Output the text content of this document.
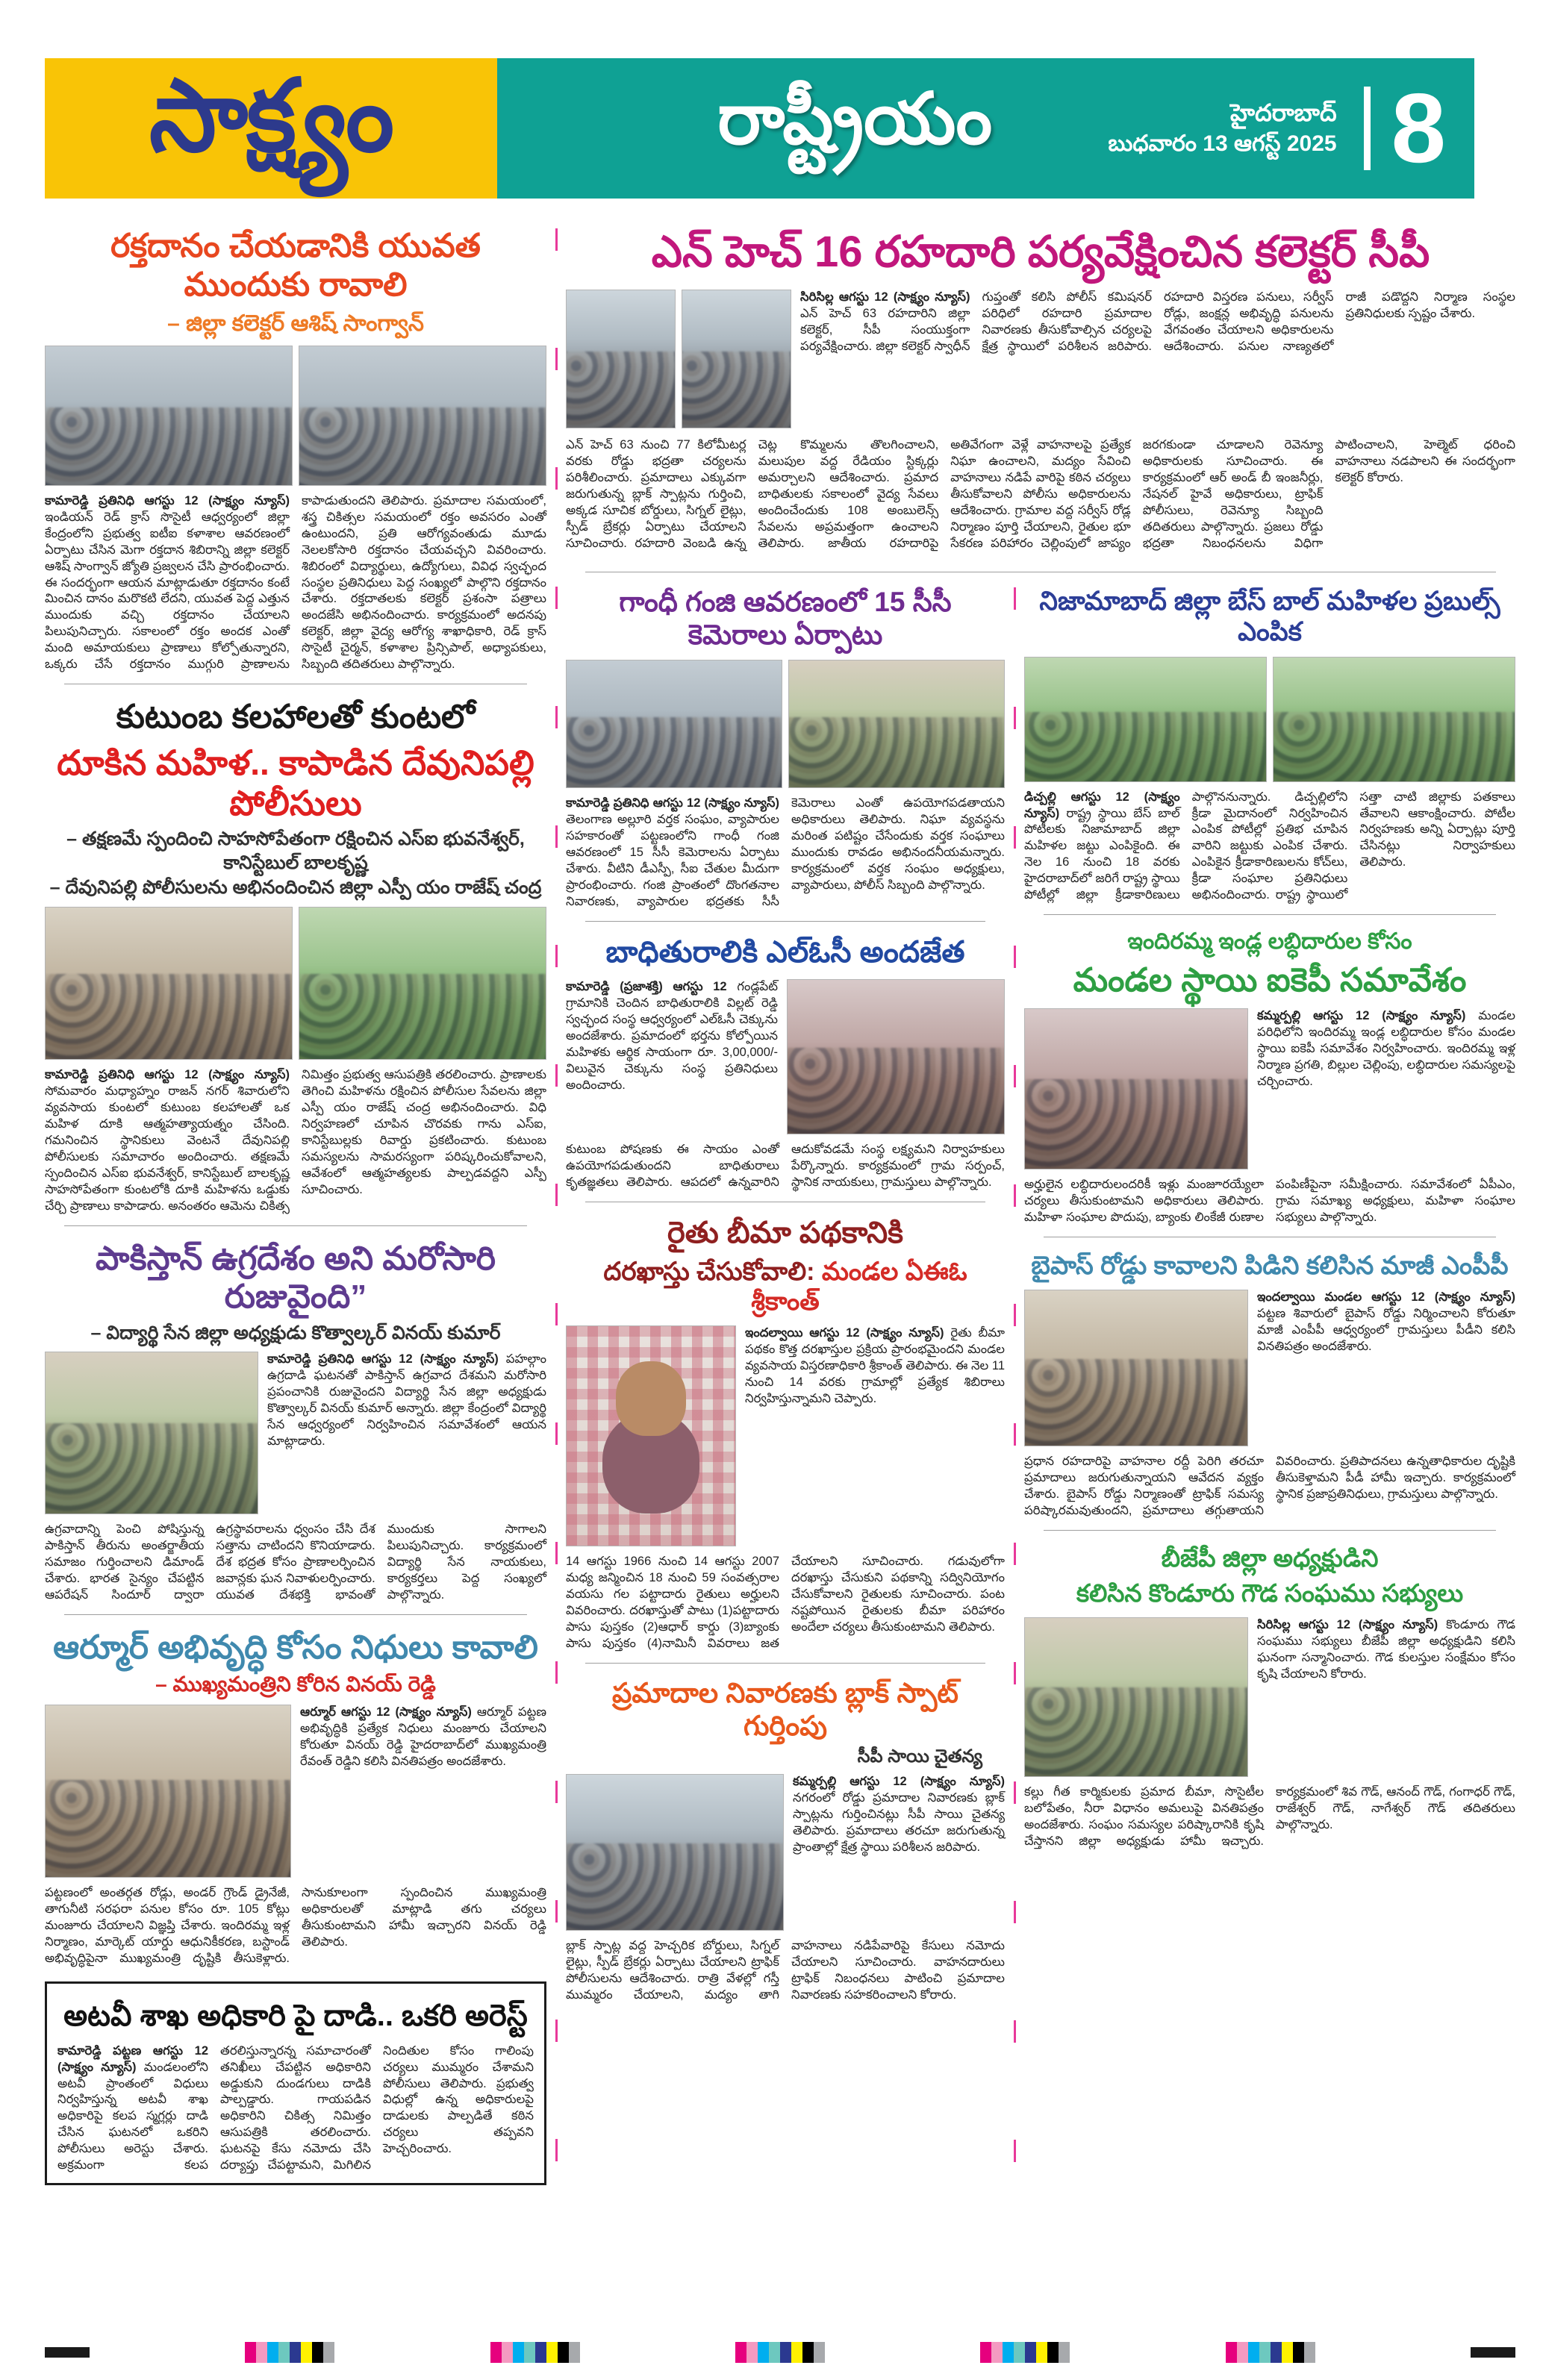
సాక్ష్యం	రాష్ట్రీయం	హైదరాబాద్
బుధవారం 13 ఆగస్ట్ 2025 8
రక్తదానం చేయడానికి యువత ముందుకు రావాలి
– జిల్లా కలెక్టర్ ఆశిష్ సాంగ్వాన్
కామారెడ్డి ప్రతినిధి ఆగస్టు 12 (సాక్ష్యం న్యూస్) ఇండియన్ రెడ్ క్రాస్ సొసైటీ ఆధ్వర్యంలో జిల్లా కేంద్రంలోని ప్రభుత్వ ఐటీఐ కళాశాల ఆవరణంలో ఏర్పాటు చేసిన మెగా రక్తదాన శిబిరాన్ని జిల్లా కలెక్టర్ ఆశిష్ సాంగ్వాన్ జ్యోతి ప్రజ్వలన చేసి ప్రారంభించారు. ఈ సందర్భంగా ఆయన మాట్లాడుతూ రక్తదానం కంటే మించిన దానం మరొకటి లేదని, యువత పెద్ద ఎత్తున ముందుకు వచ్చి రక్తదానం చేయాలని పిలుపునిచ్చారు. సకాలంలో రక్తం అందక ఎంతో మంది అమాయకులు ప్రాణాలు కోల్పోతున్నారని, ఒక్కరు చేసే రక్తదానం ముగ్గురి ప్రాణాలను కాపాడుతుందని తెలిపారు. ప్రమాదాల సమయంలో, శస్త్ర చికిత్సల సమయంలో రక్తం అవసరం ఎంతో ఉంటుందని, ప్రతి ఆరోగ్యవంతుడు మూడు నెలలకోసారి రక్తదానం చేయవచ్చని వివరించారు. శిబిరంలో విద్యార్థులు, ఉద్యోగులు, వివిధ స్వచ్ఛంద సంస్థల ప్రతినిధులు పెద్ద సంఖ్యలో పాల్గొని రక్తదానం చేశారు. రక్తదాతలకు కలెక్టర్ ప్రశంసా పత్రాలు అందజేసి అభినందించారు. కార్యక్రమంలో అదనపు కలెక్టర్, జిల్లా వైద్య ఆరోగ్య శాఖాధికారి, రెడ్ క్రాస్ సొసైటీ చైర్మన్, కళాశాల ప్రిన్సిపాల్, అధ్యాపకులు, సిబ్బంది తదితరులు పాల్గొన్నారు.
కుటుంబ కలహాలతో కుంటలో
దూకిన మహిళ.. కాపాడిన దేవునిపల్లి పోలీసులు
– తక్షణమే స్పందించి సాహసోపేతంగా రక్షించిన ఎస్ఐ భువనేశ్వర్, కానిస్టేబుల్ బాలకృష్ణ
– దేవునిపల్లి పోలీసులను అభినందించిన జిల్లా ఎస్పీ యం రాజేష్ చంద్ర
కామారెడ్డి ప్రతినిధి ఆగస్టు 12 (సాక్ష్యం న్యూస్) సోమవారం మధ్యాహ్నం రాజన్ నగర్ శివారులోని వ్యవసాయ కుంటలో కుటుంబ కలహాలతో ఒక మహిళ దూకి ఆత్మహత్యాయత్నం చేసింది. గమనించిన స్థానికులు వెంటనే దేవునిపల్లి పోలీసులకు సమాచారం అందించారు. తక్షణమే స్పందించిన ఎస్ఐ భువనేశ్వర్, కానిస్టేబుల్ బాలకృష్ణ సాహసోపేతంగా కుంటలోకి దూకి మహిళను ఒడ్డుకు చేర్చి ప్రాణాలు కాపాడారు. అనంతరం ఆమెను చికిత్స నిమిత్తం ప్రభుత్వ ఆసుపత్రికి తరలించారు. ప్రాణాలకు తెగించి మహిళను రక్షించిన పోలీసుల సేవలను జిల్లా ఎస్పీ యం రాజేష్ చంద్ర అభినందించారు. విధి నిర్వహణలో చూపిన చొరవకు గాను ఎస్ఐ, కానిస్టేబుల్లకు రివార్డు ప్రకటించారు. కుటుంబ సమస్యలను సామరస్యంగా పరిష్కరించుకోవాలని, ఆవేశంలో ఆత్మహత్యలకు పాల్పడవద్దని ఎస్పీ సూచించారు.
పాకిస్తాన్ ఉగ్రదేశం అని మరోసారి రుజువైంది”
– విద్యార్థి సేన జిల్లా అధ్యక్షుడు కొత్వాల్కర్ వినయ్ కుమార్
కామారెడ్డి ప్రతినిధి ఆగస్టు 12 (సాక్ష్యం న్యూస్) పహల్గాం ఉగ్రదాడి ఘటనతో పాకిస్తాన్ ఉగ్రవాద దేశమని మరోసారి ప్రపంచానికి రుజువైందని విద్యార్థి సేన జిల్లా అధ్యక్షుడు కొత్వాల్కర్ వినయ్ కుమార్ అన్నారు. జిల్లా కేంద్రంలో విద్యార్థి సేన ఆధ్వర్యంలో నిర్వహించిన సమావేశంలో ఆయన మాట్లాడారు.
ఉగ్రవాదాన్ని పెంచి పోషిస్తున్న పాకిస్తాన్ తీరును అంతర్జాతీయ సమాజం గుర్తించాలని డిమాండ్ చేశారు. భారత సైన్యం చేపట్టిన ఆపరేషన్ సిందూర్ ద్వారా ఉగ్రస్థావరాలను ధ్వంసం చేసి దేశ సత్తాను చాటిందని కొనియాడారు. దేశ భద్రత కోసం ప్రాణాలర్పించిన జవాన్లకు ఘన నివాళులర్పించారు. యువత దేశభక్తి భావంతో ముందుకు సాగాలని పిలుపునిచ్చారు. కార్యక్రమంలో విద్యార్థి సేన నాయకులు, కార్యకర్తలు పెద్ద సంఖ్యలో పాల్గొన్నారు.
ఆర్మూర్ అభివృద్ధి కోసం నిధులు కావాలి
– ముఖ్యమంత్రిని కోరిన వినయ్ రెడ్డి
ఆర్మూర్ ఆగస్టు 12 (సాక్ష్యం న్యూస్) ఆర్మూర్ పట్టణ అభివృద్ధికి ప్రత్యేక నిధులు మంజూరు చేయాలని కోరుతూ వినయ్ రెడ్డి హైదరాబాద్‌లో ముఖ్యమంత్రి రేవంత్ రెడ్డిని కలిసి వినతిపత్రం అందజేశారు.
పట్టణంలో అంతర్గత రోడ్లు, అండర్ గ్రౌండ్ డ్రైనేజీ, తాగునీటి సరఫరా పనుల కోసం రూ. 105 కోట్లు మంజూరు చేయాలని విజ్ఞప్తి చేశారు. ఇందిరమ్మ ఇళ్ల నిర్మాణం, మార్కెట్ యార్డు ఆధునికీకరణ, బస్టాండ్ అభివృద్ధిపైనా ముఖ్యమంత్రి దృష్టికి తీసుకెళ్లారు. సానుకూలంగా స్పందించిన ముఖ్యమంత్రి అధికారులతో మాట్లాడి తగు చర్యలు తీసుకుంటామని హామీ ఇచ్చారని వినయ్ రెడ్డి తెలిపారు.
అటవీ శాఖ అధికారి పై దాడి.. ఒకరి అరెస్ట్
కామారెడ్డి పట్టణ ఆగస్టు 12 (సాక్ష్యం న్యూస్) మండలంలోని అటవీ ప్రాంతంలో విధులు నిర్వహిస్తున్న అటవీ శాఖ అధికారిపై కలప స్మగ్లర్లు దాడి చేసిన ఘటనలో ఒకరిని పోలీసులు అరెస్టు చేశారు. అక్రమంగా కలప తరలిస్తున్నారన్న సమాచారంతో తనిఖీలు చేపట్టిన అధికారిని అడ్డుకుని దుండగులు దాడికి పాల్పడ్డారు. గాయపడిన అధికారిని చికిత్స నిమిత్తం ఆసుపత్రికి తరలించారు. ఘటనపై కేసు నమోదు చేసి దర్యాప్తు చేపట్టామని, మిగిలిన నిందితుల కోసం గాలింపు చర్యలు ముమ్మరం చేశామని పోలీసులు తెలిపారు. ప్రభుత్వ విధుల్లో ఉన్న అధికారులపై దాడులకు పాల్పడితే కఠిన చర్యలు తప్పవని హెచ్చరించారు.
ఎన్ హెచ్ 16 రహదారి పర్యవేక్షించిన కలెక్టర్ సీపీ
సిరిసిల్ల ఆగస్టు 12 (సాక్ష్యం న్యూస్) ఎన్ హెచ్ 63 రహదారిని జిల్లా కలెక్టర్, సీపీ సంయుక్తంగా పర్యవేక్షించారు. జిల్లా కలెక్టర్ స్వాధీన్ గుప్తంతో కలిసి పోలీస్ కమిషనర్ పరిధిలో రహదారి ప్రమాదాల నివారణకు తీసుకోవాల్సిన చర్యలపై క్షేత్ర స్థాయిలో పరిశీలన జరిపారు. రహదారి విస్తరణ పనులు, సర్వీస్ రోడ్లు, జంక్షన్ల అభివృద్ధి పనులను వేగవంతం చేయాలని అధికారులను ఆదేశించారు. పనుల నాణ్యతలో రాజీ పడొద్దని నిర్మాణ సంస్థల ప్రతినిధులకు స్పష్టం చేశారు.
ఎన్ హెచ్ 63 నుంచి 77 కిలోమీటర్ల వరకు రోడ్డు భద్రతా చర్యలను పరిశీలించారు. ప్రమాదాలు ఎక్కువగా జరుగుతున్న బ్లాక్ స్పాట్లను గుర్తించి, అక్కడ సూచిక బోర్డులు, సిగ్నల్ లైట్లు, స్పీడ్ బ్రేకర్లు ఏర్పాటు చేయాలని సూచించారు. రహదారి వెంబడి ఉన్న చెట్ల కొమ్మలను తొలగించాలని, మలుపుల వద్ద రేడియం స్టిక్కర్లు అమర్చాలని ఆదేశించారు. ప్రమాద బాధితులకు సకాలంలో వైద్య సేవలు అందించేందుకు 108 అంబులెన్స్ సేవలను అప్రమత్తంగా ఉంచాలని తెలిపారు. జాతీయ రహదారిపై అతివేగంగా వెళ్లే వాహనాలపై ప్రత్యేక నిఘా ఉంచాలని, మద్యం సేవించి వాహనాలు నడిపే వారిపై కఠిన చర్యలు తీసుకోవాలని పోలీసు అధికారులను ఆదేశించారు. గ్రామాల వద్ద సర్వీస్ రోడ్ల నిర్మాణం పూర్తి చేయాలని, రైతుల భూ సేకరణ పరిహారం చెల్లింపులో జాప్యం జరగకుండా చూడాలని రెవెన్యూ అధికారులకు సూచించారు. ఈ కార్యక్రమంలో ఆర్ అండ్ బీ ఇంజనీర్లు, నేషనల్ హైవే అధికారులు, ట్రాఫిక్ పోలీసులు, రెవెన్యూ సిబ్బంది తదితరులు పాల్గొన్నారు. ప్రజలు రోడ్డు భద్రతా నిబంధనలను విధిగా పాటించాలని, హెల్మెట్ ధరించి వాహనాలు నడపాలని ఈ సందర్భంగా కలెక్టర్ కోరారు.
గాంధీ గంజి ఆవరణంలో 15 సీసీ కెమెరాలు ఏర్పాటు
కామారెడ్డి ప్రతినిధి ఆగస్టు 12 (సాక్ష్యం న్యూస్) తెలంగాణ అల్లూరి వర్తక సంఘం, వ్యాపారుల సహకారంతో పట్టణంలోని గాంధీ గంజి ఆవరణంలో 15 సీసీ కెమెరాలను ఏర్పాటు చేశారు. వీటిని డీఎస్పీ, సీఐ చేతుల మీదుగా ప్రారంభించారు. గంజి ప్రాంతంలో దొంగతనాల నివారణకు, వ్యాపారుల భద్రతకు సీసీ కెమెరాలు ఎంతో ఉపయోగపడతాయని అధికారులు తెలిపారు. నిఘా వ్యవస్థను మరింత పటిష్టం చేసేందుకు వర్తక సంఘాలు ముందుకు రావడం అభినందనీయమన్నారు. కార్యక్రమంలో వర్తక సంఘం అధ్యక్షులు, వ్యాపారులు, పోలీస్ సిబ్బంది పాల్గొన్నారు.
బాధితురాలికి ఎల్ఓసీ అందజేత
కామారెడ్డి (ప్రజాశక్తి) ఆగస్టు 12 గండ్లపేట్ గ్రామానికి చెందిన బాధితురాలికి విల్లట్ రెడ్డి స్వచ్ఛంద సంస్థ ఆధ్వర్యంలో ఎల్ఓసీ చెక్కును అందజేశారు. ప్రమాదంలో భర్తను కోల్పోయిన మహిళకు ఆర్థిక సాయంగా రూ. 3,00,000/- విలువైన చెక్కును సంస్థ ప్రతినిధులు అందించారు.
కుటుంబ పోషణకు ఈ సాయం ఎంతో ఉపయోగపడుతుందని బాధితురాలు కృతజ్ఞతలు తెలిపారు. ఆపదలో ఉన్నవారిని ఆదుకోవడమే సంస్థ లక్ష్యమని నిర్వాహకులు పేర్కొన్నారు. కార్యక్రమంలో గ్రామ సర్పంచ్, స్థానిక నాయకులు, గ్రామస్తులు పాల్గొన్నారు.
రైతు బీమా పథకానికి
దరఖాస్తు చేసుకోవాలి: మండల ఏఈఓ శ్రీకాంత్
ఇందల్వాయి ఆగస్టు 12 (సాక్ష్యం న్యూస్) రైతు బీమా పథకం కొత్త దరఖాస్తుల ప్రక్రియ ప్రారంభమైందని మండల వ్యవసాయ విస్తరణాధికారి శ్రీకాంత్ తెలిపారు. ఈ నెల 11 నుంచి 14 వరకు గ్రామాల్లో ప్రత్యేక శిబిరాలు నిర్వహిస్తున్నామని చెప్పారు.
14 ఆగస్టు 1966 నుంచి 14 ఆగస్టు 2007 మధ్య జన్మించిన 18 నుంచి 59 సంవత్సరాల వయసు గల పట్టాదారు రైతులు అర్హులని వివరించారు. దరఖాస్తుతో పాటు (1)పట్టాదారు పాసు పుస్తకం (2)ఆధార్ కార్డు (3)బ్యాంకు పాసు పుస్తకం (4)నామినీ వివరాలు జత చేయాలని సూచించారు. గడువులోగా దరఖాస్తు చేసుకుని పథకాన్ని సద్వినియోగం చేసుకోవాలని రైతులకు సూచించారు. పంట నష్టపోయిన రైతులకు బీమా పరిహారం అందేలా చర్యలు తీసుకుంటామని తెలిపారు.
ప్రమాదాల నివారణకు బ్లాక్ స్పాట్ గుర్తింపు
సీపీ సాయి చైతన్య
కమ్మర్పల్లి ఆగస్టు 12 (సాక్ష్యం న్యూస్) నగరంలో రోడ్డు ప్రమాదాల నివారణకు బ్లాక్ స్పాట్లను గుర్తించినట్లు సీపీ సాయి చైతన్య తెలిపారు. ప్రమాదాలు తరచూ జరుగుతున్న ప్రాంతాల్లో క్షేత్ర స్థాయి పరిశీలన జరిపారు.
బ్లాక్ స్పాట్ల వద్ద హెచ్చరిక బోర్డులు, సిగ్నల్ లైట్లు, స్పీడ్ బ్రేకర్లు ఏర్పాటు చేయాలని ట్రాఫిక్ పోలీసులను ఆదేశించారు. రాత్రి వేళల్లో గస్తీ ముమ్మరం చేయాలని, మద్యం తాగి వాహనాలు నడిపేవారిపై కేసులు నమోదు చేయాలని సూచించారు. వాహనదారులు ట్రాఫిక్ నిబంధనలు పాటించి ప్రమాదాల నివారణకు సహకరించాలని కోరారు.
నిజామాబాద్ జిల్లా బేస్ బాల్ మహిళల ప్రబుల్స్ ఎంపిక
డిచ్పల్లి ఆగస్టు 12 (సాక్ష్యం న్యూస్) రాష్ట్ర స్థాయి బేస్ బాల్ పోటీలకు నిజామాబాద్ జిల్లా మహిళల జట్టు ఎంపికైంది. ఈ నెల 16 నుంచి 18 వరకు హైదరాబాద్‌లో జరిగే రాష్ట్ర స్థాయి పోటీల్లో జిల్లా క్రీడాకారిణులు పాల్గొననున్నారు. డిచ్పల్లిలోని క్రీడా మైదానంలో నిర్వహించిన ఎంపిక పోటీల్లో ప్రతిభ చూపిన వారిని జట్టుకు ఎంపిక చేశారు. ఎంపికైన క్రీడాకారిణులను కోచ్‌లు, క్రీడా సంఘాల ప్రతినిధులు అభినందించారు. రాష్ట్ర స్థాయిలో సత్తా చాటి జిల్లాకు పతకాలు తేవాలని ఆకాంక్షించారు. పోటీల నిర్వహణకు అన్ని ఏర్పాట్లు పూర్తి చేసినట్లు నిర్వాహకులు తెలిపారు.
ఇందిరమ్మ ఇండ్ల లబ్ధిదారుల కోసం
మండల స్థాయి ఐకెపీ సమావేశం
కమ్మర్పల్లి ఆగస్టు 12 (సాక్ష్యం న్యూస్) మండల పరిధిలోని ఇందిరమ్మ ఇండ్ల లబ్ధిదారుల కోసం మండల స్థాయి ఐకెపీ సమావేశం నిర్వహించారు. ఇందిరమ్మ ఇళ్ల నిర్మాణ ప్రగతి, బిల్లుల చెల్లింపు, లబ్ధిదారుల సమస్యలపై చర్చించారు.
అర్హులైన లబ్ధిదారులందరికీ ఇళ్లు మంజూరయ్యేలా చర్యలు తీసుకుంటామని అధికారులు తెలిపారు. మహిళా సంఘాల పొదుపు, బ్యాంకు లింకేజీ రుణాల పంపిణీపైనా సమీక్షించారు. సమావేశంలో ఏపీఎం, గ్రామ సమాఖ్య అధ్యక్షులు, మహిళా సంఘాల సభ్యులు పాల్గొన్నారు.
బైపాస్ రోడ్డు కావాలని పిడిని కలిసిన మాజీ ఎంపీపీ
ఇందల్వాయి మండల ఆగస్టు 12 (సాక్ష్యం న్యూస్) పట్టణ శివారులో బైపాస్ రోడ్డు నిర్మించాలని కోరుతూ మాజీ ఎంపీపీ ఆధ్వర్యంలో గ్రామస్తులు పీడీని కలిసి వినతిపత్రం అందజేశారు.
ప్రధాన రహదారిపై వాహనాల రద్దీ పెరిగి తరచూ ప్రమాదాలు జరుగుతున్నాయని ఆవేదన వ్యక్తం చేశారు. బైపాస్ రోడ్డు నిర్మాణంతో ట్రాఫిక్ సమస్య పరిష్కారమవుతుందని, ప్రమాదాలు తగ్గుతాయని వివరించారు. ప్రతిపాదనలు ఉన్నతాధికారుల దృష్టికి తీసుకెళ్తామని పీడీ హామీ ఇచ్చారు. కార్యక్రమంలో స్థానిక ప్రజాప్రతినిధులు, గ్రామస్తులు పాల్గొన్నారు.
బీజేపీ జిల్లా అధ్యక్షుడిని
కలిసిన కొండూరు గౌడ సంఘము సభ్యులు
సిరిసిల్ల ఆగస్టు 12 (సాక్ష్యం న్యూస్) కొండూరు గౌడ సంఘము సభ్యులు బీజేపీ జిల్లా అధ్యక్షుడిని కలిసి ఘనంగా సన్మానించారు. గౌడ కులస్తుల సంక్షేమం కోసం కృషి చేయాలని కోరారు.
కల్లు గీత కార్మికులకు ప్రమాద బీమా, సొసైటీల బలోపేతం, నీరా విధానం అమలుపై వినతిపత్రం అందజేశారు. సంఘం సమస్యల పరిష్కారానికి కృషి చేస్తానని జిల్లా అధ్యక్షుడు హామీ ఇచ్చారు. కార్యక్రమంలో శివ గౌడ్, ఆనంద్ గౌడ్, గంగాధర్ గౌడ్, రాజేశ్వర్ గౌడ్, నాగేశ్వర్ గౌడ్ తదితరులు పాల్గొన్నారు.
